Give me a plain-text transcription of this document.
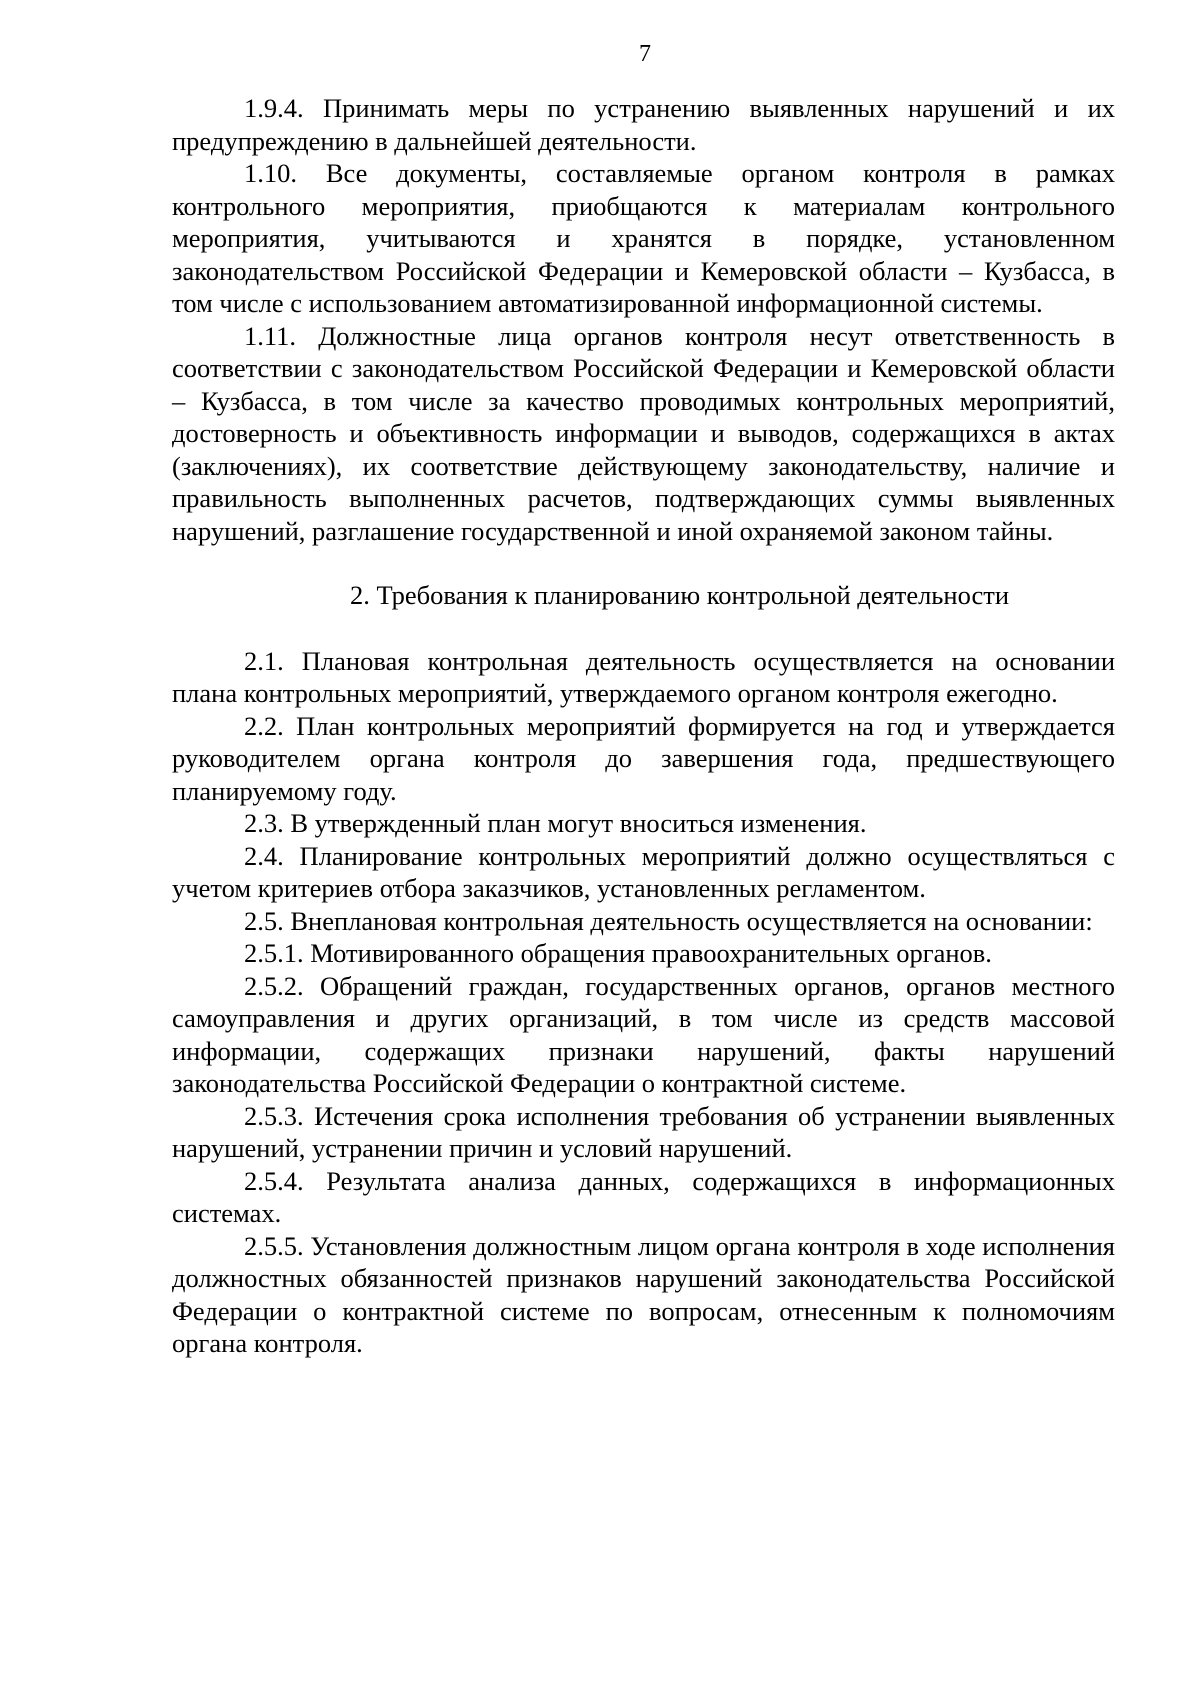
7

1.9.4. Принимать меры по устранению выявленных нарушений и их предупреждению в дальнейшей деятельности.

1.10. Все документы, составляемые органом контроля в рамках контрольного мероприятия, приобщаются к материалам контрольного мероприятия, учитываются и хранятся в порядке, установленном законодательством Российской Федерации и Кемеровской области – Кузбасса, в том числе с использованием автоматизированной информационной системы.

1.11. Должностные лица органов контроля несут ответственность в соответствии с законодательством Российской Федерации и Кемеровской области – Кузбасса, в том числе за качество проводимых контрольных мероприятий, достоверность и объективность информации и выводов, содержащихся в актах (заключениях), их соответствие действующему законодательству, наличие и правильность выполненных расчетов, подтверждающих суммы выявленных нарушений, разглашение государственной и иной охраняемой законом тайны.

2. Требования к планированию контрольной деятельности

2.1. Плановая контрольная деятельность осуществляется на основании плана контрольных мероприятий, утверждаемого органом контроля ежегодно.

2.2. План контрольных мероприятий формируется на год и утверждается руководителем органа контроля до завершения года, предшествующего планируемому году.

2.3. В утвержденный план могут вноситься изменения.

2.4. Планирование контрольных мероприятий должно осуществляться с учетом критериев отбора заказчиков, установленных регламентом.

2.5. Внеплановая контрольная деятельность осуществляется на основании:

2.5.1. Мотивированного обращения правоохранительных органов.

2.5.2. Обращений граждан, государственных органов, органов местного самоуправления и других организаций, в том числе из средств массовой информации, содержащих признаки нарушений, факты нарушений законодательства Российской Федерации о контрактной системе.

2.5.3. Истечения срока исполнения требования об устранении выявленных нарушений, устранении причин и условий нарушений.

2.5.4. Результата анализа данных, содержащихся в информационных системах.

2.5.5. Установления должностным лицом органа контроля в ходе исполнения должностных обязанностей признаков нарушений законодательства Российской Федерации о контрактной системе по вопросам, отнесенным к полномочиям органа контроля.
